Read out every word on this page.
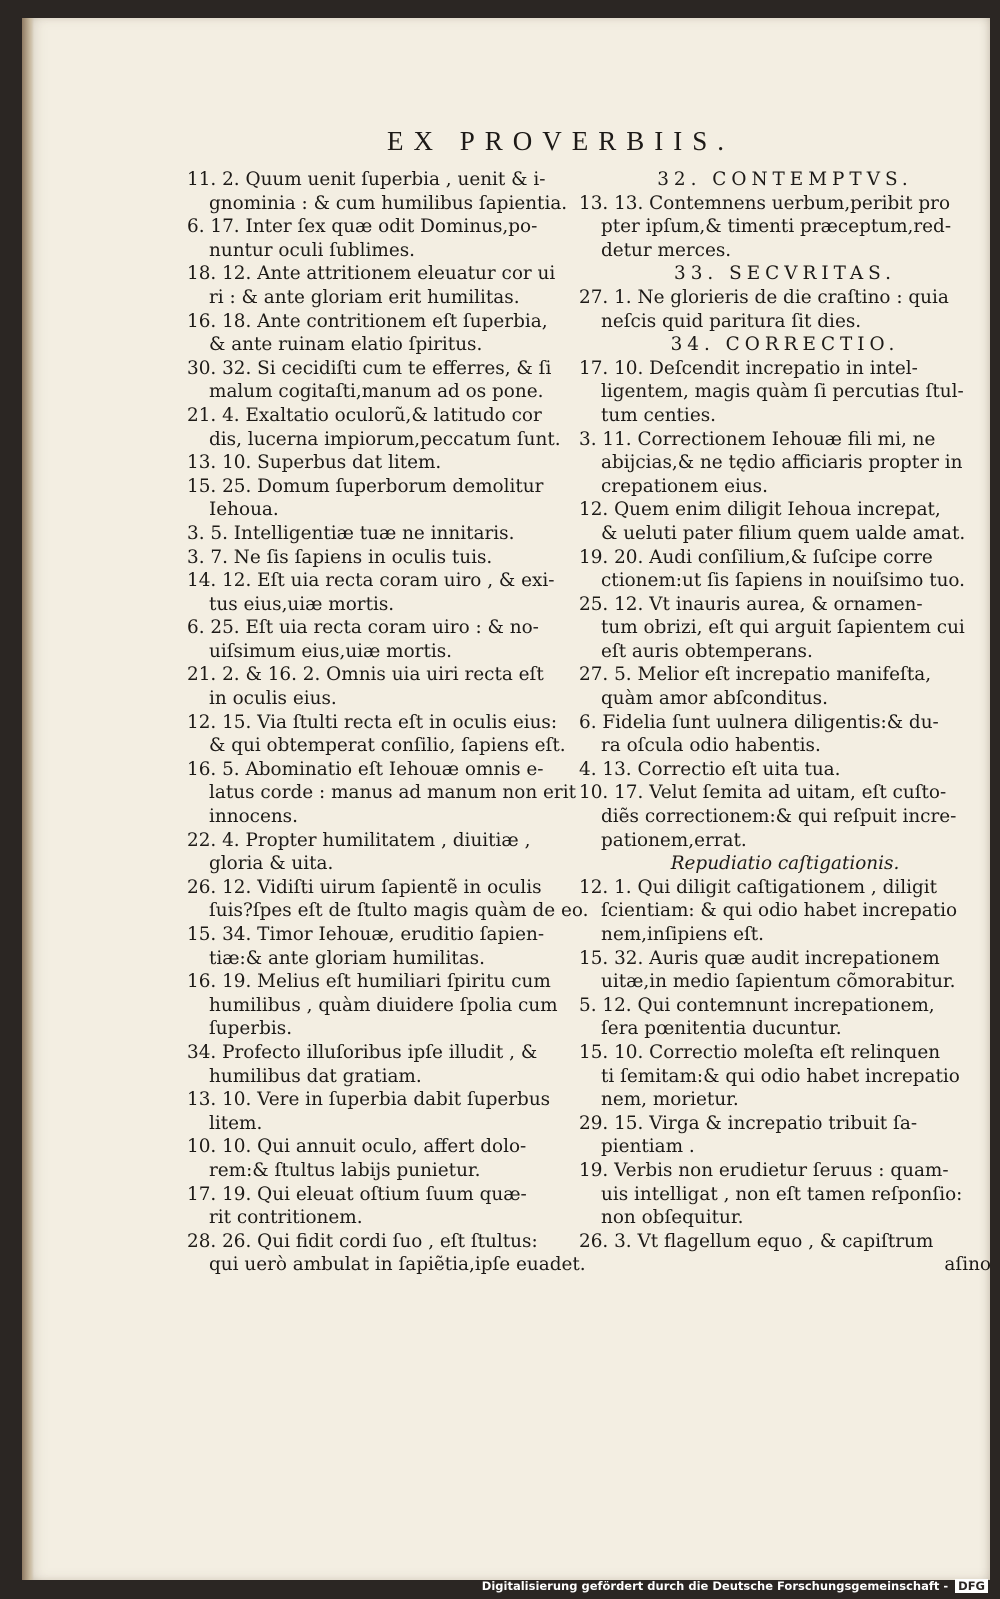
EX PROVERBIIS.
11. 2. Quum uenit ſuperbia , uenit & i-
gnominia : & cum humilibus ſapientia.
6. 17. Inter ſex quæ odit Dominus,po-
nuntur oculi ſublimes.
18. 12. Ante attritionem eleuatur cor ui
ri : & ante gloriam erit humilitas.
16. 18. Ante contritionem eſt ſuperbia,
& ante ruinam elatio ſpiritus.
30. 32. Si cecidiſti cum te efferres, & ſi
malum cogitaſti,manum ad os pone.
21. 4. Exaltatio oculorũ,& latitudo cor
dis, lucerna impiorum,peccatum ſunt.
13. 10. Superbus dat litem.
15. 25. Domum ſuperborum demolitur
Iehoua.
3. 5. Intelligentiæ tuæ ne innitaris.
3. 7. Ne ſis ſapiens in oculis tuis.
14. 12. Eſt uia recta coram uiro , & exi-
tus eius,uiæ mortis.
6. 25. Eſt uia recta coram uiro : & no-
uiſsimum eius,uiæ mortis.
21. 2. & 16. 2. Omnis uia uiri recta eſt
in oculis eius.
12. 15. Via ſtulti recta eſt in oculis eius:
& qui obtemperat conſilio, ſapiens eſt.
16. 5. Abominatio eſt Iehouæ omnis e-
latus corde : manus ad manum non erit
innocens.
22. 4. Propter humilitatem , diuitiæ ,
gloria & uita.
26. 12. Vidiſti uirum ſapientẽ in oculis
ſuis?ſpes eſt de ſtulto magis quàm de eo.
15. 34. Timor Iehouæ, eruditio ſapien-
tiæ:& ante gloriam humilitas.
16. 19. Melius eſt humiliari ſpiritu cum
humilibus , quàm diuidere ſpolia cum
ſuperbis.
34. Profecto illuſoribus ipſe illudit , &
humilibus dat gratiam.
13. 10. Vere in ſuperbia dabit ſuperbus
litem.
10. 10. Qui annuit oculo, affert dolo-
rem:& ſtultus labijs punietur.
17. 19. Qui eleuat oſtium ſuum quæ-
rit contritionem.
28. 26. Qui fidit cordi ſuo , eſt ſtultus:
qui uerò ambulat in ſapiẽtia,ipſe euadet.
32. CONTEMPTVS.
13. 13. Contemnens uerbum,peribit pro
pter ipſum,& timenti præceptum,red-
detur merces.
33. SECVRITAS.
27. 1. Ne glorieris de die craſtino : quia
neſcis quid paritura ſit dies.
34. CORRECTIO.
17. 10. Deſcendit increpatio in intel-
ligentem, magis quàm ſi percutias ſtul-
tum centies.
3. 11. Correctionem Iehouæ fili mi, ne
abijcias,& ne tędio afficiaris propter in
crepationem eius.
12. Quem enim diligit Iehoua increpat,
& ueluti pater filium quem ualde amat.
19. 20. Audi conſilium,& ſuſcipe corre
ctionem:ut ſis ſapiens in nouiſsimo tuo.
25. 12. Vt inauris aurea, & ornamen-
tum obrizi, eſt qui arguit ſapientem cui
eſt auris obtemperans.
27. 5. Melior eſt increpatio manifeſta,
quàm amor abſconditus.
6. Fidelia ſunt uulnera diligentis:& du-
ra oſcula odio habentis.
4. 13. Correctio eſt uita tua.
10. 17. Velut ſemita ad uitam, eſt cuſto-
diẽs correctionem:& qui reſpuit incre-
pationem,errat.
Repudiatio caſtigationis.
12. 1. Qui diligit caſtigationem , diligit
ſcientiam: & qui odio habet increpatio
nem,inſipiens eſt.
15. 32. Auris quæ audit increpationem
uitæ,in medio ſapientum cõmorabitur.
5. 12. Qui contemnunt increpationem,
ſera pœnitentia ducuntur.
15. 10. Correctio moleſta eſt relinquen
ti ſemitam:& qui odio habet increpatio
nem, morietur.
29. 15. Virga & increpatio tribuit ſa-
pientiam .
19. Verbis non erudietur ſeruus : quam-
uis intelligat , non eſt tamen reſponſio:
non obſequitur.
26. 3. Vt flagellum equo , & capiſtrum
aſino
Digitalisierung gefördert durch die Deutsche Forschungsgemeinschaft - DFG
